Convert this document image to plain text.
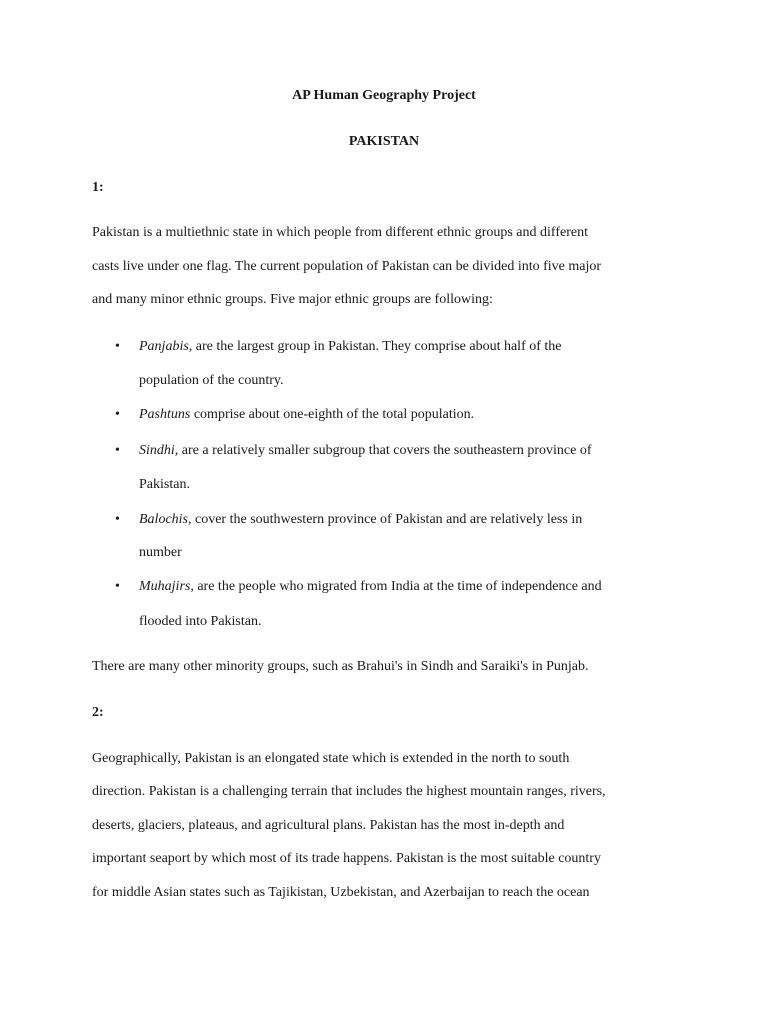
AP Human Geography Project

PAKISTAN

1:

Pakistan is a multiethnic state in which people from different ethnic groups and different

casts live under one flag. The current population of Pakistan can be divided into five major

and many minor ethnic groups. Five major ethnic groups are following:

• Panjabis, are the largest group in Pakistan. They comprise about half of the
population of the country.
• Pashtuns comprise about one-eighth of the total population.
• Sindhi, are a relatively smaller subgroup that covers the southeastern province of
Pakistan.
• Balochis, cover the southwestern province of Pakistan and are relatively less in
number
• Muhajirs, are the people who migrated from India at the time of independence and
flooded into Pakistan.

There are many other minority groups, such as Brahui's in Sindh and Saraiki's in Punjab.

2:

Geographically, Pakistan is an elongated state which is extended in the north to south

direction. Pakistan is a challenging terrain that includes the highest mountain ranges, rivers,

deserts, glaciers, plateaus, and agricultural plans. Pakistan has the most in-depth and

important seaport by which most of its trade happens. Pakistan is the most suitable country

for middle Asian states such as Tajikistan, Uzbekistan, and Azerbaijan to reach the ocean
